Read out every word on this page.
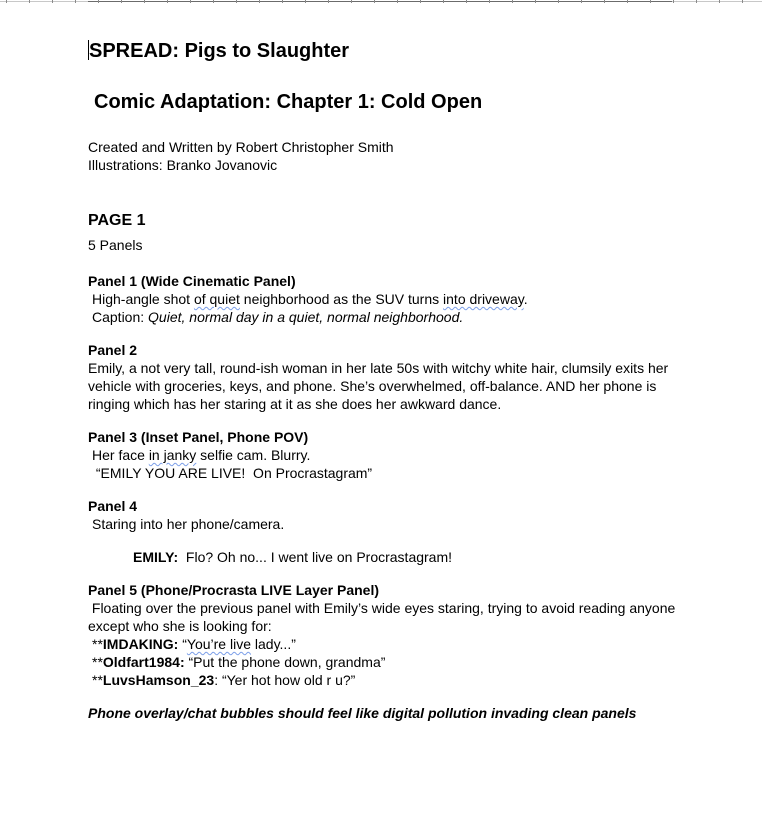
SPREAD: Pigs to Slaughter
Comic Adaptation: Chapter 1: Cold Open
Created and Written by Robert Christopher Smith
Illustrations: Branko Jovanovic
PAGE 1
5 Panels
Panel 1 (Wide Cinematic Panel)
High-angle shot of quiet neighborhood as the SUV turns into driveway.
Caption: Quiet, normal day in a quiet, normal neighborhood.
Panel 2
Emily, a not very tall, round-ish woman in her late 50s with witchy white hair, clumsily exits her vehicle with groceries, keys, and phone. She’s overwhelmed, off-balance. AND her phone is ringing which has her staring at it as she does her awkward dance.
Panel 3 (Inset Panel, Phone POV)
Her face in janky selfie cam. Blurry.
“EMILY YOU ARE LIVE!  On Procrastagram”
Panel 4
Staring into her phone/camera.
EMILY:  Flo? Oh no... I went live on Procrastagram!
Panel 5 (Phone/Procrasta LIVE Layer Panel)
Floating over the previous panel with Emily’s wide eyes staring, trying to avoid reading anyone except who she is looking for:
**IMDAKING: “You’re live lady...”
**Oldfart1984: “Put the phone down, grandma”
**LuvsHamson_23: “Yer hot how old r u?”
Phone overlay/chat bubbles should feel like digital pollution invading clean panels
